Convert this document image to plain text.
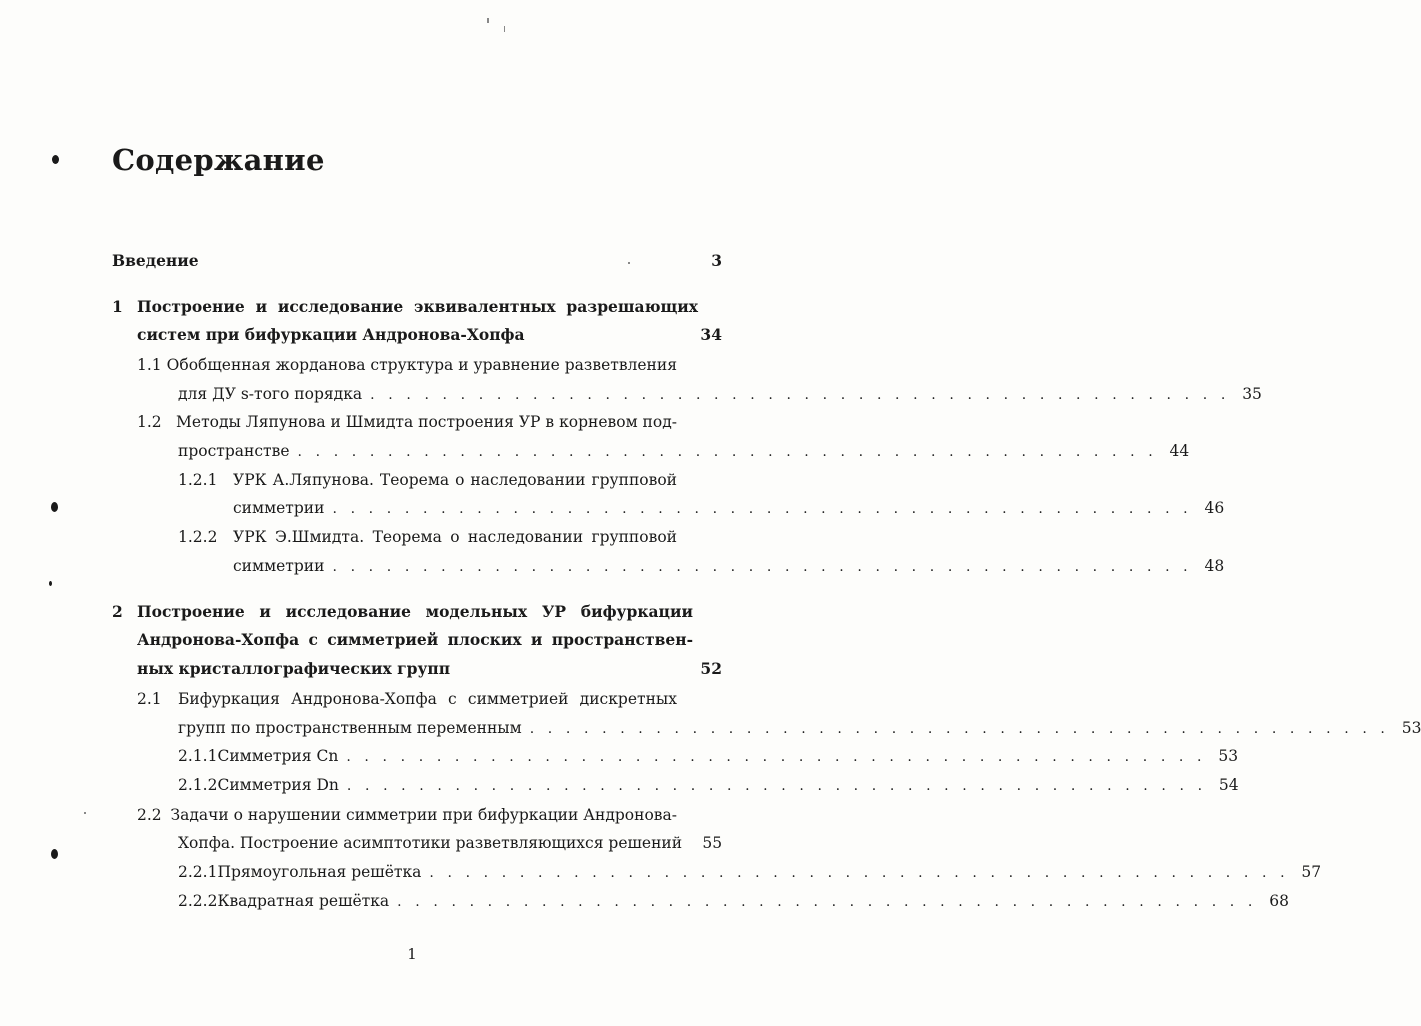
Содержание
Введение	3
1 Построение и исследование эквивалентных разрешающих
систем при бифуркации Андронова-Хопфа	34
1.1 Обобщенная жорданова структура и уравнение разветвления
для ДУ s-того порядка . . . . . . . . . . . . . . . . . . . . . . . . . . . . . . . . . . . . . . . . . . . . . . . . 35
1.2 Методы Ляпунова и Шмидта построения УР в корневом под-
пространстве . . . . . . . . . . . . . . . . . . . . . . . . . . . . . . . . . . . . . . . . . . . . . . . . 44
1.2.1	УРК А.Ляпунова. Теорема о наследовании групповой
симметрии . . . . . . . . . . . . . . . . . . . . . . . . . . . . . . . . . . . . . . . . . . . . . . . . 46
1.2.2	УРК Э.Шмидта. Теорема о наследовании групповой
симметрии . . . . . . . . . . . . . . . . . . . . . . . . . . . . . . . . . . . . . . . . . . . . . . . . 48
2 Построение и исследование модельных УР бифуркации
Андронова-Хопфа с симметрией плоских и пространствен-
ных кристаллографических групп	52
2.1	Бифуркация Андронова-Хопфа с симметрией дискретных
групп по пространственным переменным . . . . . . . . . . . . . . . . . . . . . . . . . . . . . . . . . . . . . . . . . . . . . . . . 53
2.1.1 Симметрия Cn . . . . . . . . . . . . . . . . . . . . . . . . . . . . . . . . . . . . . . . . . . . . . . . . 53
2.1.2 Симметрия Dn . . . . . . . . . . . . . . . . . . . . . . . . . . . . . . . . . . . . . . . . . . . . . . . . 54
2.2 Задачи о нарушении симметрии при бифуркации Андронова-
Хопфа. Построение асимптотики разветвляющихся решений 55
2.2.1 Прямоугольная решётка . . . . . . . . . . . . . . . . . . . . . . . . . . . . . . . . . . . . . . . . . . . . . . . . 57
2.2.2 Квадратная решётка . . . . . . . . . . . . . . . . . . . . . . . . . . . . . . . . . . . . . . . . . . . . . . . . 68
1
